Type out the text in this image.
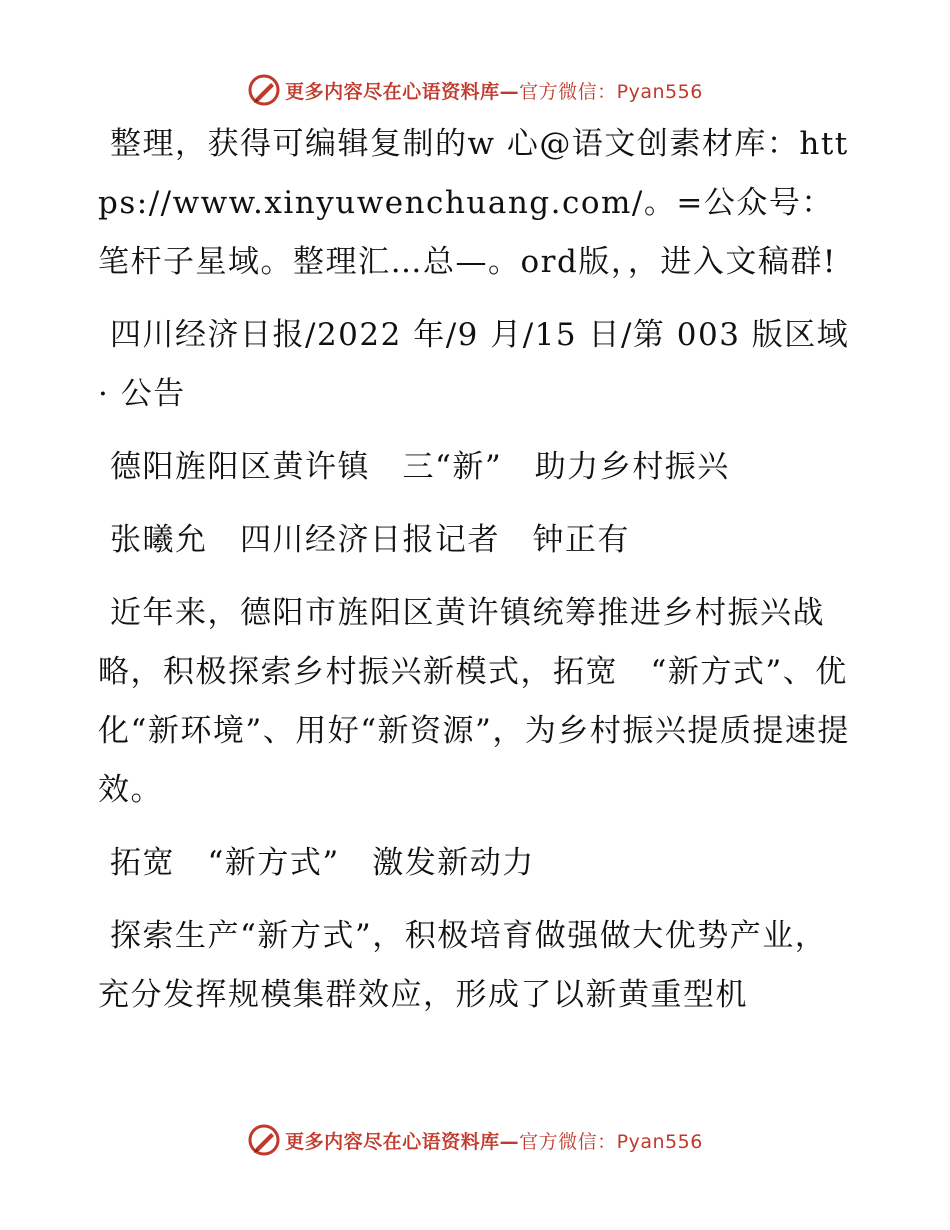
更多内容尽在心语资料库—官方微信：Pyan556

整理，获得可编辑复制的w 心@语文创素材库：https://www.xinyuwenchuang.com/。=公众号：笔杆子星域。整理汇…总—。ord版，，进入文稿群!

四川经济日报/2022 年/9 月/15 日/第 003 版区域· 公告

德阳旌阳区黄许镇　三“新”　助力乡村振兴

张曦允　四川经济日报记者　钟正有

近年来，德阳市旌阳区黄许镇统筹推进乡村振兴战略，积极探索乡村振兴新模式，拓宽　“新方式”、优化“新环境”、用好“新资源”，为乡村振兴提质提速提效。

拓宽　“新方式”　激发新动力

探索生产“新方式”，积极培育做强做大优势产业，充分发挥规模集群效应，形成了以新黄重型机

更多内容尽在心语资料库—官方微信：Pyan556
